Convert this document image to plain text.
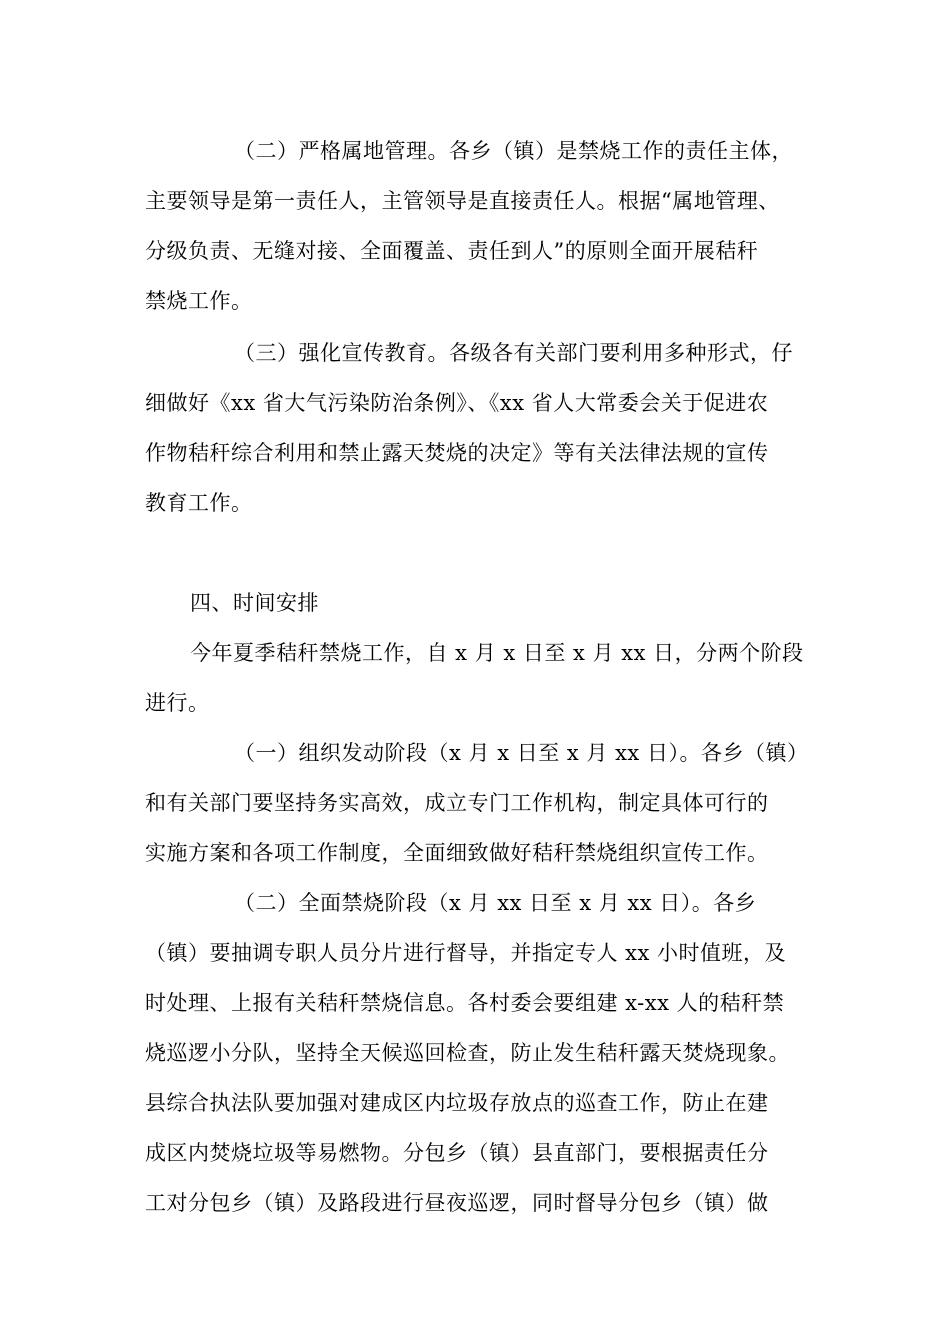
（二）严格属地管理。各乡（镇）是禁烧工作的责任主体，
主要领导是第一责任人，主管领导是直接责任人。根据“属地管理、
分级负责、无缝对接、全面覆盖、责任到人”的原则全面开展秸秆
禁烧工作。
（三）强化宣传教育。各级各有关部门要利用多种形式，仔
细做好《xx 省大气污染防治条例》、《xx 省人大常委会关于促进农
作物秸秆综合利用和禁止露天焚烧的决定》等有关法律法规的宣传
教育工作。
四、时间安排
今年夏季秸秆禁烧工作，自 x 月 x 日至 x 月 xx 日，分两个阶段
进行。
（一）组织发动阶段（x 月 x 日至 x 月 xx 日）。各乡（镇）
和有关部门要坚持务实高效，成立专门工作机构，制定具体可行的
实施方案和各项工作制度，全面细致做好秸秆禁烧组织宣传工作。
（二）全面禁烧阶段（x 月 xx 日至 x 月 xx 日）。各乡
（镇）要抽调专职人员分片进行督导，并指定专人 xx 小时值班，及
时处理、上报有关秸秆禁烧信息。各村委会要组建 x-xx 人的秸秆禁
烧巡逻小分队，坚持全天候巡回检查，防止发生秸秆露天焚烧现象。
县综合执法队要加强对建成区内垃圾存放点的巡查工作，防止在建
成区内焚烧垃圾等易燃物。分包乡（镇）县直部门，要根据责任分
工对分包乡（镇）及路段进行昼夜巡逻，同时督导分包乡（镇）做
